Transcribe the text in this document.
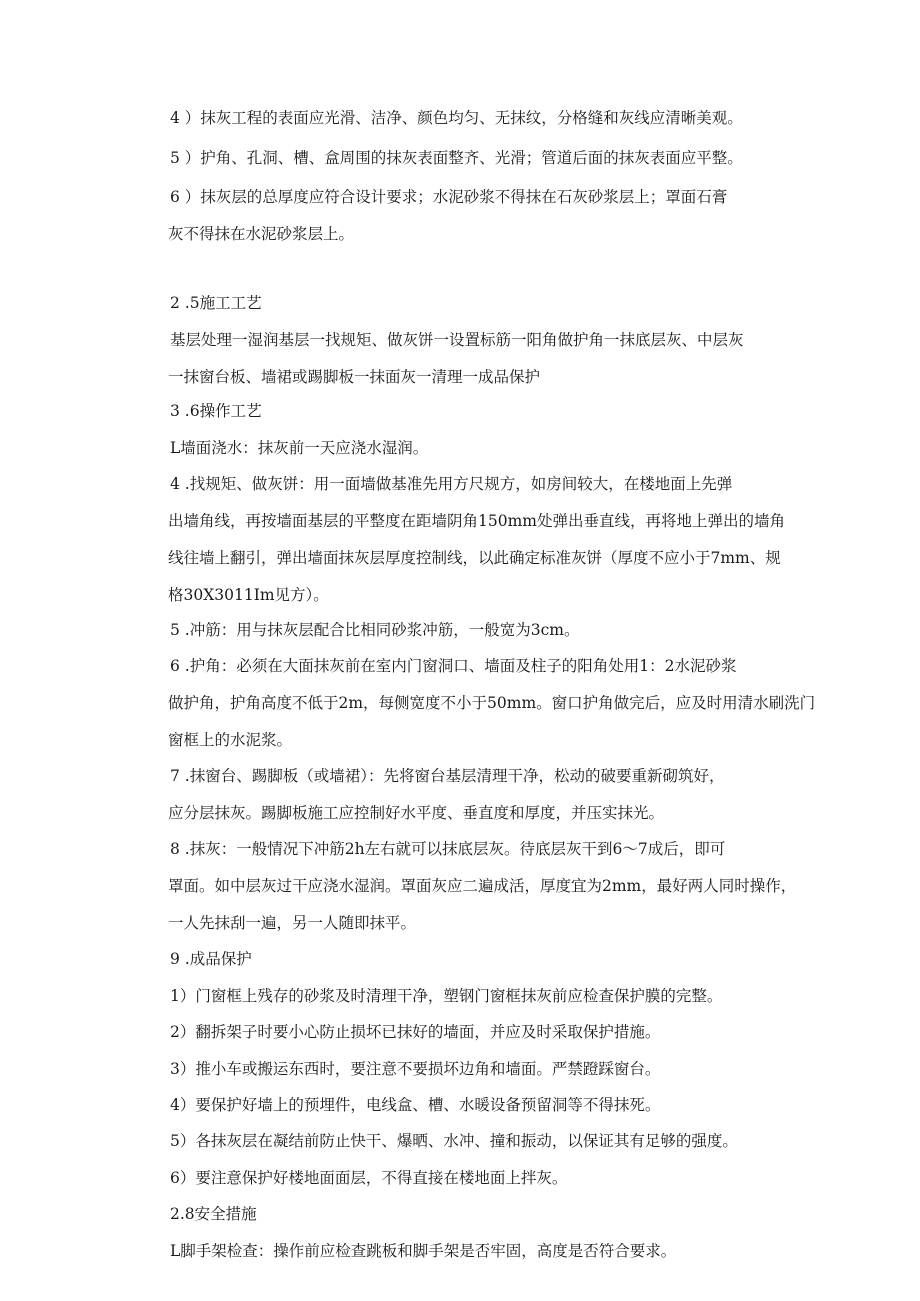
4 ）抹灰工程的表面应光滑、洁净、颜色均匀、无抹纹，分格缝和灰线应清晰美观。
5 ）护角、孔洞、槽、盒周围的抹灰表面整齐、光滑；管道后面的抹灰表面应平整。
6 ）抹灰层的总厚度应符合设计要求；水泥砂浆不得抹在石灰砂浆层上；罩面石膏
灰不得抹在水泥砂浆层上。
2 .5施工工艺
基层处理一湿润基层一找规矩、做灰饼一设置标筋一阳角做护角一抹底层灰、中层灰
一抹窗台板、墙裙或踢脚板一抹面灰一清理一成品保护
3 .6操作工艺
L墙面浇水：抹灰前一天应浇水湿润。
4 .找规矩、做灰饼：用一面墙做基准先用方尺规方，如房间较大，在楼地面上先弹
出墙角线，再按墙面基层的平整度在距墙阴角150mm处弹出垂直线，再将地上弹出的墙角
线往墙上翻引，弹出墙面抹灰层厚度控制线，以此确定标准灰饼（厚度不应小于7mm、规
格30X3011Im见方）。
5 .冲筋：用与抹灰层配合比相同砂浆冲筋，一般宽为3cm。
6 .护角：必须在大面抹灰前在室内门窗洞口、墙面及柱子的阳角处用1：2水泥砂浆
做护角，护角高度不低于2m，每侧宽度不小于50mm。窗口护角做完后，应及时用清水刷洗门
窗框上的水泥浆。
7 .抹窗台、踢脚板（或墙裙）：先将窗台基层清理干净，松动的破要重新砌筑好，
应分层抹灰。踢脚板施工应控制好水平度、垂直度和厚度，并压实抹光。
8 .抹灰：一般情况下冲筋2h左右就可以抹底层灰。待底层灰干到6～7成后，即可
罩面。如中层灰过干应浇水湿润。罩面灰应二遍成活，厚度宜为2mm，最好两人同时操作，
一人先抹刮一遍，另一人随即抹平。
9 .成品保护
1）门窗框上残存的砂浆及时清理干净，塑钢门窗框抹灰前应检查保护膜的完整。
2）翻拆架子时要小心防止损坏已抹好的墙面，并应及时采取保护措施。
3）推小车或搬运东西时，要注意不要损坏边角和墙面。严禁蹬踩窗台。
4）要保护好墙上的预埋件，电线盒、槽、水暖设备预留洞等不得抹死。
5）各抹灰层在凝结前防止快干、爆晒、水冲、撞和振动，以保证其有足够的强度。
6）要注意保护好楼地面面层，不得直接在楼地面上拌灰。
2.8安全措施
L脚手架检查：操作前应检查跳板和脚手架是否牢固，高度是否符合要求。
